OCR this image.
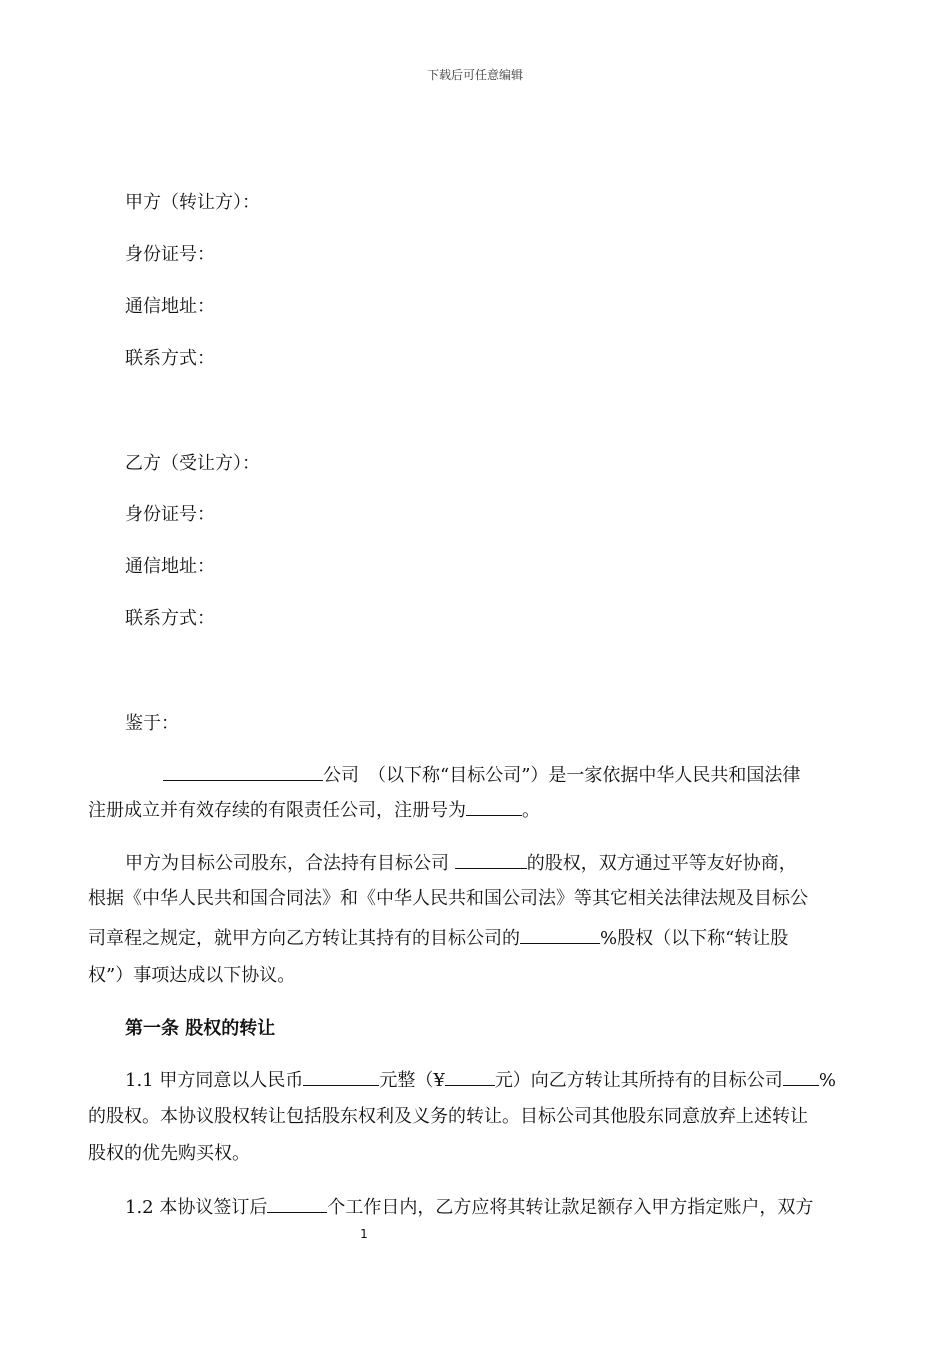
下载后可任意编辑
甲方（转让方）：
身份证号：
通信地址：
联系方式：
乙方（受让方）：
身份证号：
通信地址：
联系方式：
鉴于：
公司　（以下称“目标公司”）是一家依据中华人民共和国法律
注册成立并有效存续的有限责任公司，注册号为	。
甲方为目标公司股东，合法持有目标公司	的股权，双方通过平等友好协商，
根据《中华人民共和国合同法》和《中华人民共和国公司法》等其它相关法律法规及目标公
司章程之规定，就甲方向乙方转让其持有的目标公司的	%股权（以下称“转让股
权”）事项达成以下协议。
第一条 股权的转让
1.1 甲方同意以人民币	元整（¥	元）向乙方转让其所持有的目标公司 %
的股权。本协议股权转让包括股东权利及义务的转让。目标公司其他股东同意放弃上述转让
股权的优先购买权。
1.2 本协议签订后	个工作日内，乙方应将其转让款足额存入甲方指定账户，双方
1
